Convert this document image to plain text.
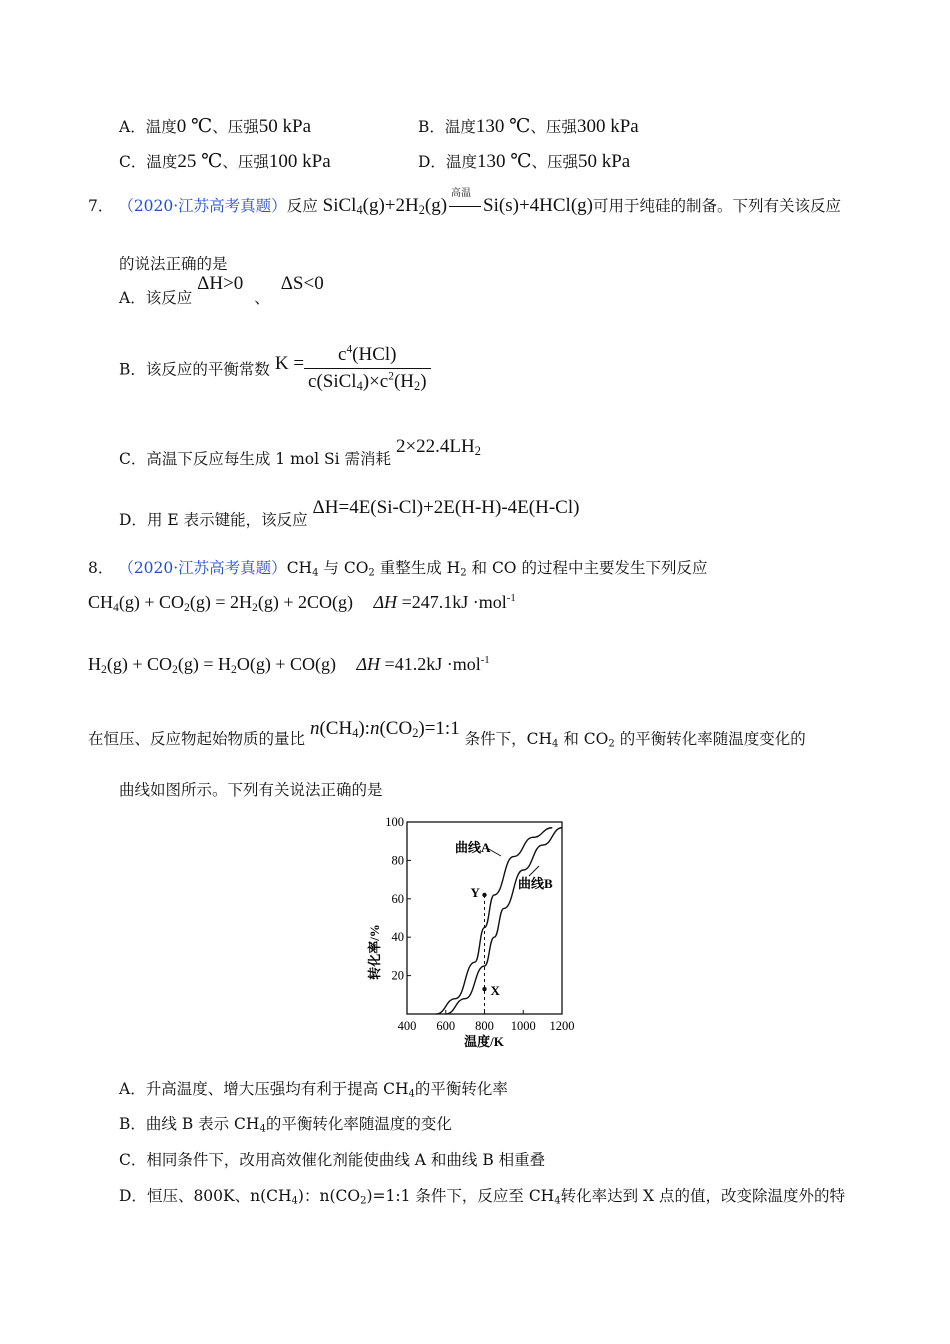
A．温度0 ℃、压强50 kPa	B．温度130 ℃、压强300 kPa
C．温度25 ℃、压强100 kPa	D．温度130 ℃、压强50 kPa
7． （2020·江苏高考真题）反应 $SiCl_4(g)+2H_2(g)$
高温
Si(s)+4HCl(g)可用于纯硅的制备。下列有关该反应
的说法正确的是
A．该反应 ΔH>0 、 ΔS<0
B．该反应的平衡常数 $K = \frac{c^4(HCl)}{c(SiCl_4)\times c^2(H_2)}$
C．高温下反应每生成 1 mol Si 需消耗 $2\times 22.4LH_2$
D．用 E 表示键能，该反应 ΔH=4E(Si-Cl)+2E(H-H)-4E(H-Cl)
8． （2020·江苏高考真题）$CH_4$ 与 $CO_2$ 重整生成 $H_2$ 和 CO 的过程中主要发生下列反应
$CH_4(g) + CO_2(g) = 2H_2(g) + 2CO(g)$ ΔH =247.1kJ ·mol$^{-1}$
$H_2(g) + CO_2(g) = H_2O(g) + CO(g)$ ΔH =41.2kJ ·mol$^{-1}$
在恒压、反应物起始物质的量比 $n(CH_4):n(CO_2)=1:1$ 条件下，$CH_4$ 和 $CO_2$ 的平衡转化率随温度变化的
曲线如图所示。下列有关说法正确的是
400 600 800 1000 1200
20
40
60
80
100
Y
X
转化率/%
温度/K
曲线A
曲线B
A．升高温度、增大压强均有利于提高 $CH_4$的平衡转化率
B．曲线 B 表示 $CH_4$的平衡转化率随温度的变化
C．相同条件下，改用高效催化剂能使曲线 A 和曲线 B 相重叠
D．恒压、800K、$n(CH_4)$：$n(CO_2)=1:1$ 条件下，反应至 $CH_4$转化率达到 X 点的值，改变除温度外的特
